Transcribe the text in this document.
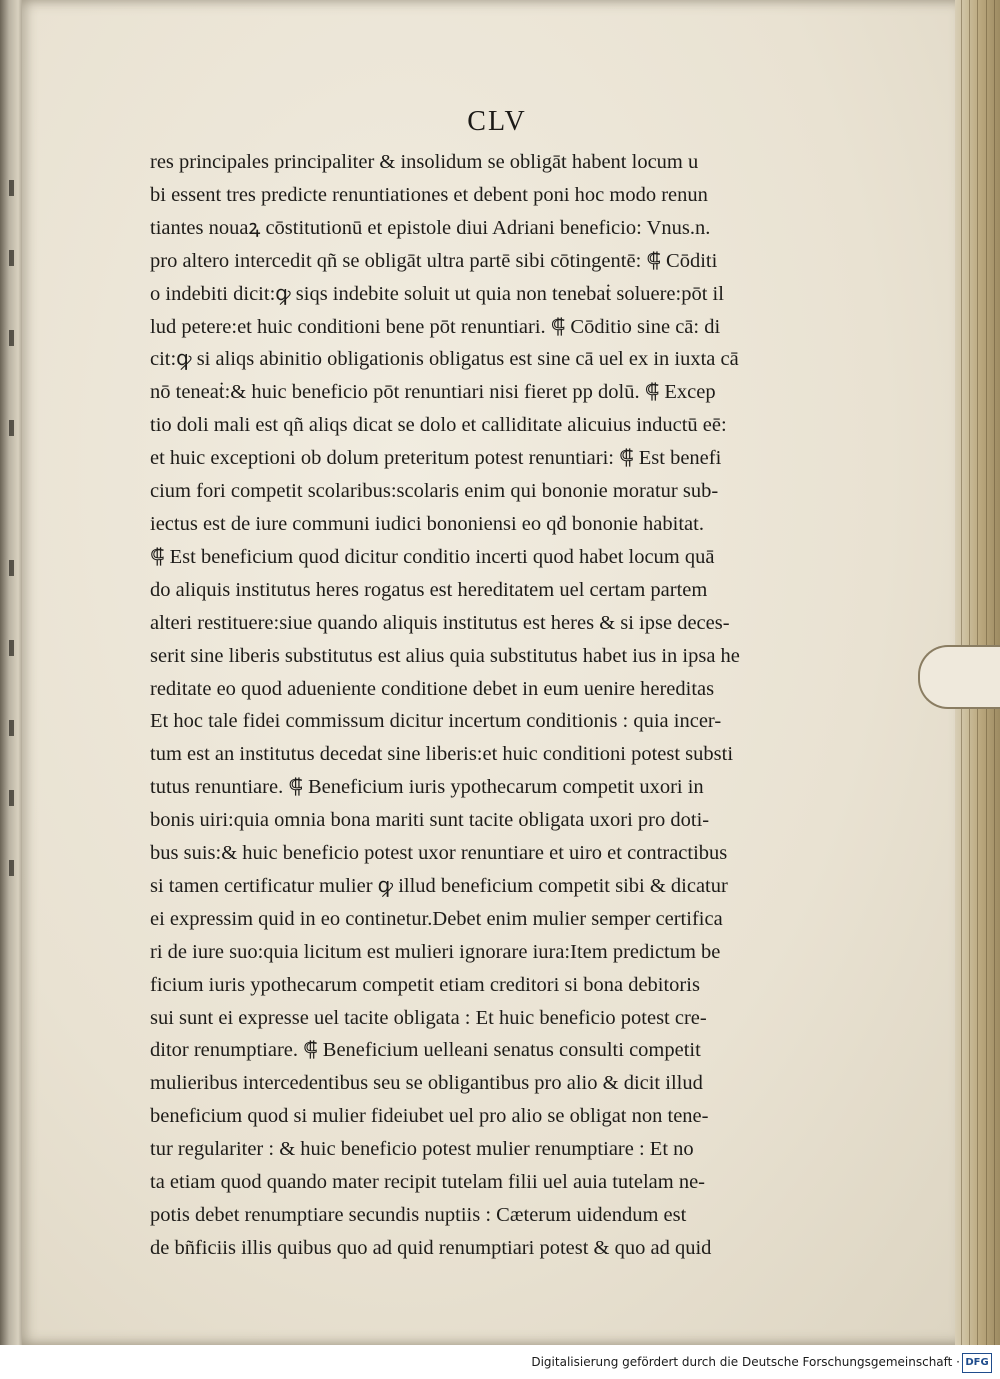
CLV
res principales principaliter & insolidum se obligāt habent locum u
bi essent tres predicte renuntiationes et debent poni hoc modo renun
tiantes nouaꝝ cōstitutionū et epistole diui Adriani beneficio: Vnus.n.
pro altero intercedit qñ se obligāt ultra partē sibi cōtingentē: ⸿ Cōditi
o indebiti dicit:ꝙ siqs indebite soluit ut quia non tenebaṫ soluere:pōt il
lud petere:et huic conditioni bene pōt renuntiari. ⸿ Cōditio sine cā: di
cit:ꝙ si aliqs abinitio obligationis obligatus est sine cā uel ex in iuxta cā
nō teneaṫ:& huic beneficio pōt renuntiari nisi fieret pp dolū. ⸿ Excep
tio doli mali est qñ aliqs dicat se dolo et calliditate alicuius inductū eē:
et huic exceptioni ob dolum preteritum potest renuntiari: ⸿ Est benefi
cium fori competit scolaribus:scolaris enim qui bononie moratur sub-
iectus est de iure communi iudici bononiensi eo qḋ bononie habitat.
⸿ Est beneficium quod dicitur conditio incerti quod habet locum quā
do aliquis institutus heres rogatus est hereditatem uel certam partem
alteri restituere:siue quando aliquis institutus est heres & si ipse deces-
serit sine liberis substitutus est alius quia substitutus habet ius in ipsa he
reditate eo quod adueniente conditione debet in eum uenire hereditas
Et hoc tale fidei commissum dicitur incertum conditionis : quia incer-
tum est an institutus decedat sine liberis:et huic conditioni potest substi
tutus renuntiare. ⸿ Beneficium iuris ypothecarum competit uxori in
bonis uiri:quia omnia bona mariti sunt tacite obligata uxori pro doti-
bus suis:& huic beneficio potest uxor renuntiare et uiro et contractibus
si tamen certificatur mulier ꝙ illud beneficium competit sibi & dicatur
ei expressim quid in eo continetur.Debet enim mulier semper certifica
ri de iure suo:quia licitum est mulieri ignorare iura:Item predictum be
ficium iuris ypothecarum competit etiam creditori si bona debitoris
sui sunt ei expresse uel tacite obligata : Et huic beneficio potest cre-
ditor renumptiare. ⸿ Beneficium uelleani senatus consulti competit
mulieribus intercedentibus seu se obligantibus pro alio & dicit illud
beneficium quod si mulier fideiubet uel pro alio se obligat non tene-
tur regulariter : & huic beneficio potest mulier renumptiare : Et no
ta etiam quod quando mater recipit tutelam filii uel auia tutelam ne-
potis debet renumptiare secundis nuptiis : Cæterum uidendum est
de bñficiis illis quibus quo ad quid renumptiari potest & quo ad quid
Digitalisierung gefördert durch die Deutsche Forschungsgemeinschaft · DFG
